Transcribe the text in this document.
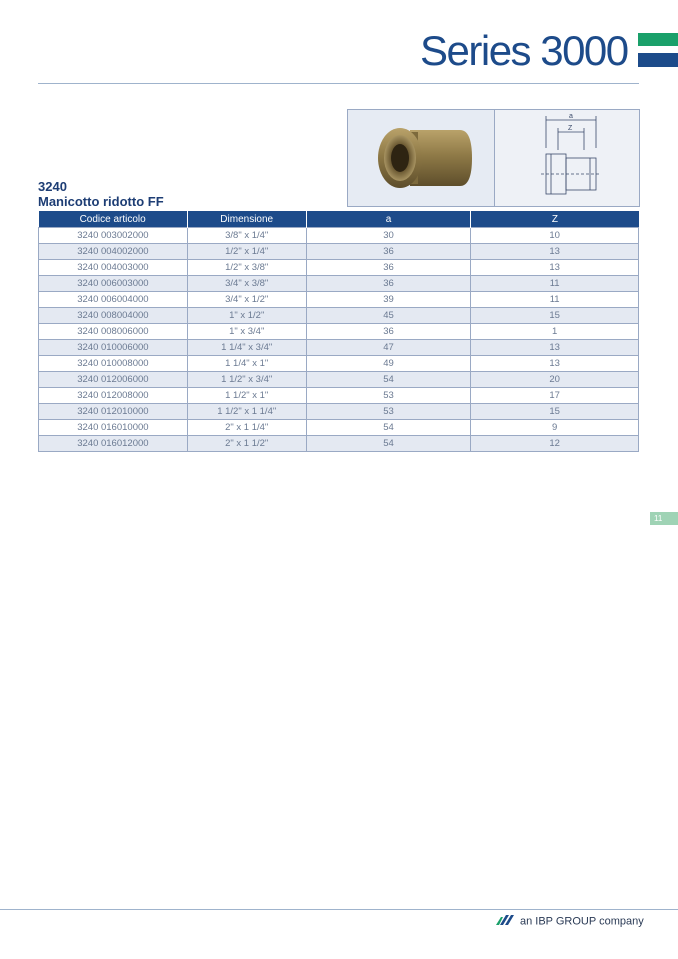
Series 3000
a
Z
3240
Manicotto ridotto FF
Codice articolo	Dimensione	a	Z
3240 003002000	3/8" x 1/4"	30	10
3240 004002000	1/2" x 1/4"	36	13
3240 004003000	1/2" x 3/8"	36	13
3240 006003000	3/4" x 3/8"	36	11
3240 006004000	3/4" x 1/2"	39	11
3240 008004000	1" x 1/2"	45	15
3240 008006000	1" x 3/4"	36	1
3240 010006000	1 1/4" x 3/4"	47	13
3240 010008000	1 1/4" x 1"	49	13
3240 012006000	1 1/2" x 3/4"	54	20
3240 012008000	1 1/2" x 1"	53	17
3240 012010000	1 1/2" x 1 1/4"	53	15
3240 016010000	2" x 1 1/4"	54	9
3240 016012000	2" x 1 1/2"	54	12
11
an IBP GROUP company
